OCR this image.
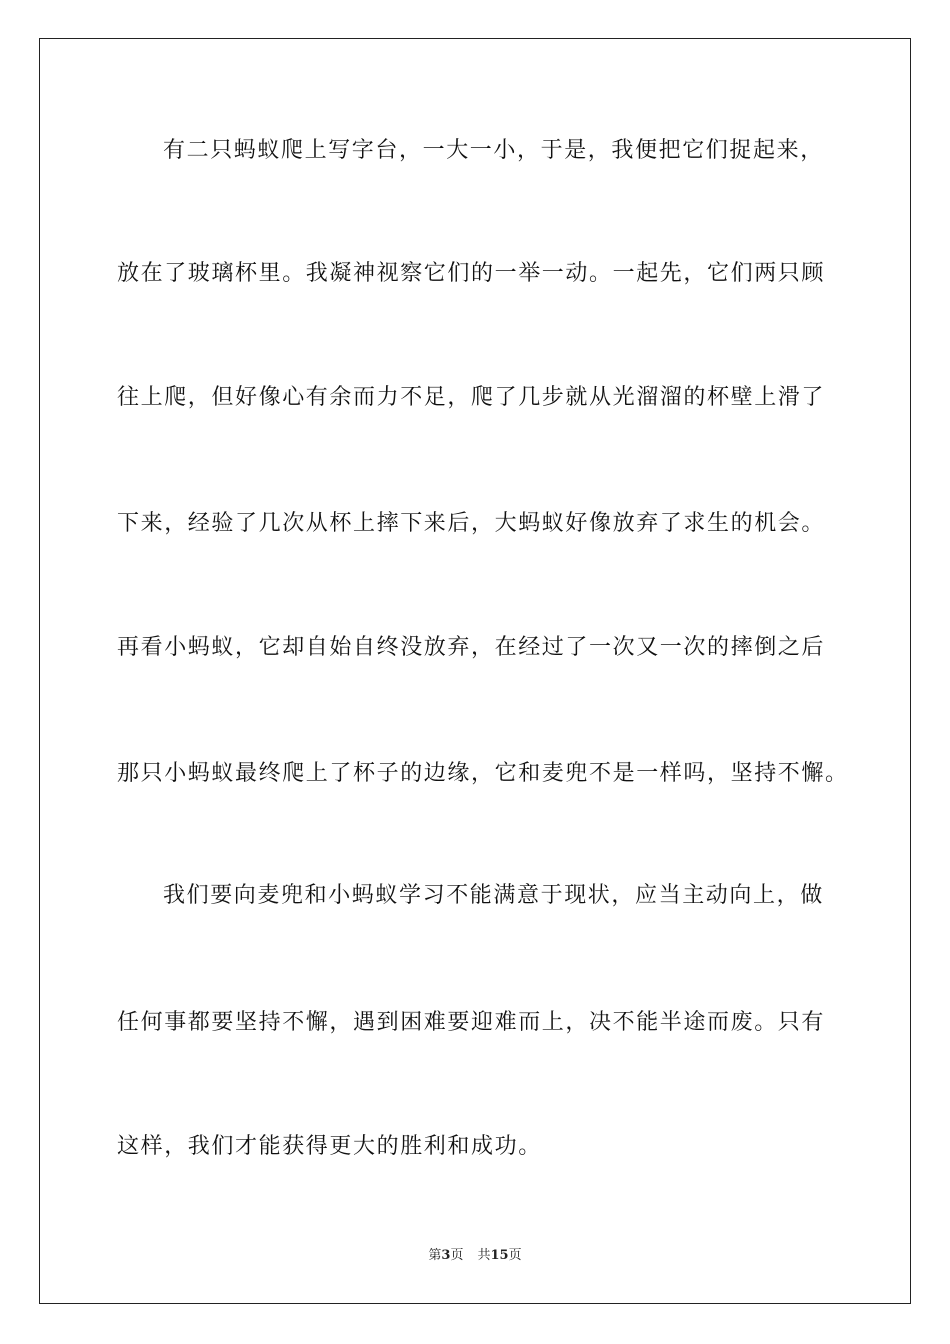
有二只蚂蚁爬上写字台，一大一小，于是，我便把它们捉起来，
放在了玻璃杯里。我凝神视察它们的一举一动。一起先，它们两只顾
往上爬，但好像心有余而力不足，爬了几步就从光溜溜的杯壁上滑了
下来，经验了几次从杯上摔下来后，大蚂蚁好像放弃了求生的机会。
再看小蚂蚁，它却自始自终没放弃，在经过了一次又一次的摔倒之后
那只小蚂蚁最终爬上了杯子的边缘，它和麦兜不是一样吗，坚持不懈。
我们要向麦兜和小蚂蚁学习不能满意于现状，应当主动向上，做
任何事都要坚持不懈，遇到困难要迎难而上，决不能半途而废。只有
这样，我们才能获得更大的胜利和成功。
第3页 共15页
